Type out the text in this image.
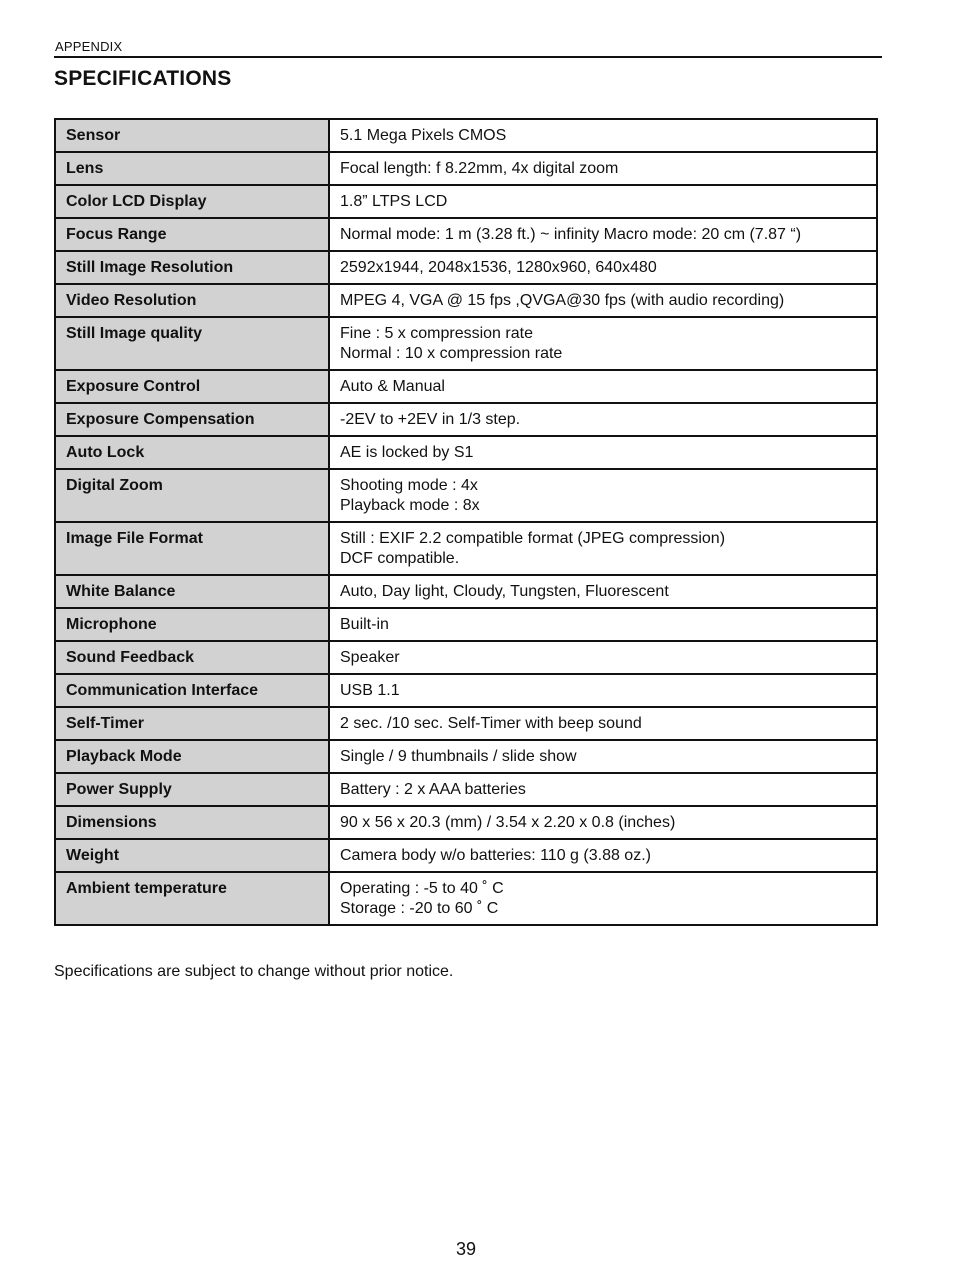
APPENDIX
SPECIFICATIONS
Sensor	5.1 Mega Pixels CMOS

Lens	Focal length: f 8.22mm, 4x digital zoom

Color LCD Display	1.8” LTPS LCD

Focus Range	Normal mode: 1 m (3.28 ft.) ~ infinity Macro mode: 20 cm (7.87 “)

Still Image Resolution	2592x1944, 2048x1536, 1280x960, 640x480

Video Resolution	MPEG 4, VGA @ 15 fps ,QVGA@30 fps (with audio recording)

Still Image quality	Fine : 5 x compression rate
Normal : 10 x compression rate

Exposure Control	Auto & Manual

Exposure Compensation	-2EV to +2EV in 1/3 step.

Auto Lock	AE is locked by S1

Digital Zoom	Shooting mode : 4x
Playback mode : 8x

Image File Format	Still : EXIF 2.2 compatible format (JPEG compression)
DCF compatible.

White Balance	Auto, Day light, Cloudy, Tungsten, Fluorescent

Microphone	Built-in

Sound Feedback	Speaker

Communication Interface	USB 1.1

Self-Timer	2 sec. /10 sec. Self-Timer with beep sound

Playback Mode	Single / 9 thumbnails / slide show

Power Supply	Battery : 2 x AAA batteries

Dimensions	90 x 56 x 20.3 (mm) / 3.54 x 2.20 x 0.8 (inches)

Weight	Camera body w/o batteries: 110 g (3.88 oz.)

Ambient temperature	Operating : -5 to 40 ˚ C
Storage : -20 to 60 ˚ C
Specifications are subject to change without prior notice.
39
